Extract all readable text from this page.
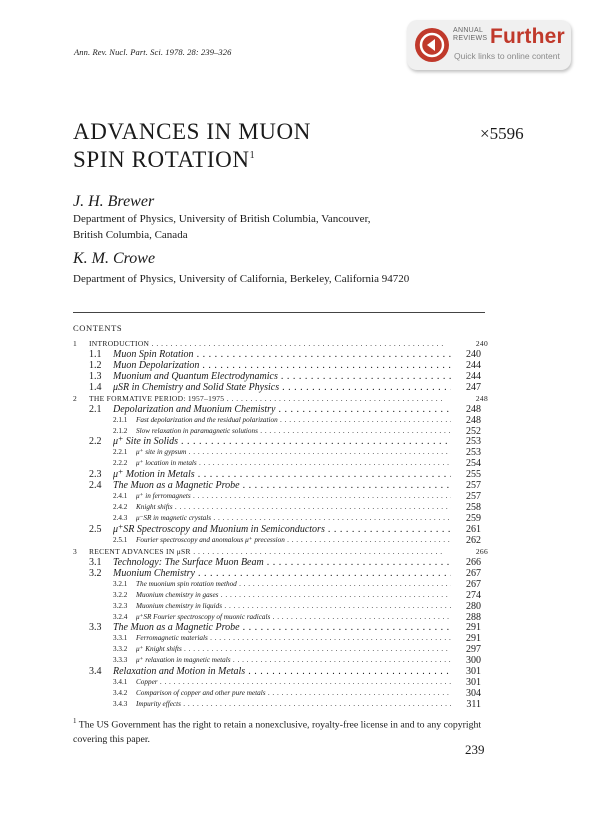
Ann. Rev. Nucl. Part. Sci. 1978. 28: 239–326
ANNUAL
REVIEWS Further
Quick links to online content
ADVANCES IN MUON
SPIN $ROTATION^1$
×5596
J. H. Brewer
Department of Physics, University of British Columbia, Vancouver,
British Columbia, Canada
K. M. Crowe
Department of Physics, University of California, Berkeley, California 94720
CONTENTS
1 INTRODUCTION . . .	240
1.1 Muon Spin Rotation . . .	240
1.2 Muon Depolarization . . .	244
1.3 Muonium and Quantum Electrodynamics . . .	244
1.4 μSR in Chemistry and Solid State Physics . . .	247
2 THE FORMATIVE PERIOD: 1957–1975 . . .	248
2.1 Depolarization and Muonium Chemistry . . .	248
2.1.1 Fast depolarization and the residual polarization . . .	248
2.1.2 Slow relaxation in paramagnetic solutions . . .	252
2.2 μ⁺ Site in Solids . . .	253
2.2.1 μ⁺ site in gypsum . . .	253
2.2.2 μ⁺ location in metals . . .	254
2.3 μ⁺ Motion in Metals . . .	255
2.4 The Muon as a Magnetic Probe . . .	257
2.4.1 μ⁺ in ferromagnets . . .	257
2.4.2 Knight shifts . . .	258
2.4.3 μ⁻SR in magnetic crystals . . .	259
2.5 μ⁺SR Spectroscopy and Muonium in Semiconductors . . .	261
2.5.1 Fourier spectroscopy and anomalous μ⁺ precession . . .	262
3 RECENT ADVANCES IN μSR . . .	266
3.1 Technology: The Surface Muon Beam . . .	266
3.2 Muonium Chemistry . . .	267
3.2.1 The muonium spin rotation method . . .	267
3.2.2 Muonium chemistry in gases . . .	274
3.2.3 Muonium chemistry in liquids . . .	280
3.2.4 μ⁺SR Fourier spectroscopy of muonic radicals . . .	288
3.3 The Muon as a Magnetic Probe . . .	291
3.3.1 Ferromagnetic materials . . .	291
3.3.2 μ⁺ Knight shifts . . .	297
3.3.3 μ⁺ relaxation in magnetic metals . . .	300
3.4 Relaxation and Motion in Metals . . .	301
3.4.1 Copper . . .	301
3.4.2 Comparison of copper and other pure metals . . .	304
3.4.3 Impurity effects . . .	311
$^1$ The US Government has the right to retain a nonexclusive, royalty-free license in and to any copyright covering this paper.
239
